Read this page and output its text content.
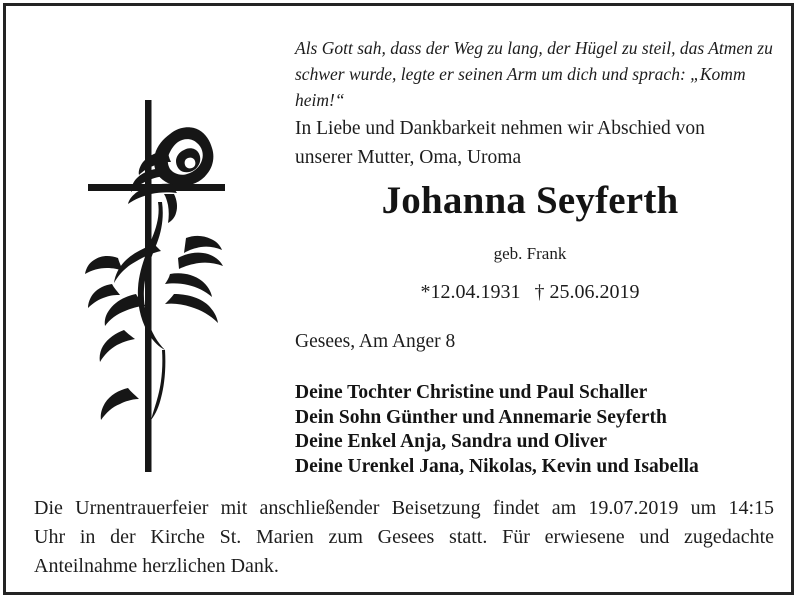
Als Gott sah, dass der Weg zu lang, der Hügel zu steil, das Atmen zu schwer wurde, legte er seinen Arm um dich und sprach: „Komm heim!“
In Liebe und Dankbarkeit nehmen wir Abschied von unserer Mutter, Oma, Uroma
Johanna Seyferth
geb. Frank
*12.04.1931 † 25.06.2019
Gesees, Am Anger 8
Deine Tochter Christine und Paul Schaller
Dein Sohn Günther und Annemarie Seyferth
Deine Enkel Anja, Sandra und Oliver
Deine Urenkel Jana, Nikolas, Kevin und Isabella
Die Urnentrauerfeier mit anschließender Beisetzung findet am 19.07.2019 um 14:15
Uhr in der Kirche St. Marien zum Gesees statt. Für erwiesene und zugedachte
Anteilnahme herzlichen Dank.
